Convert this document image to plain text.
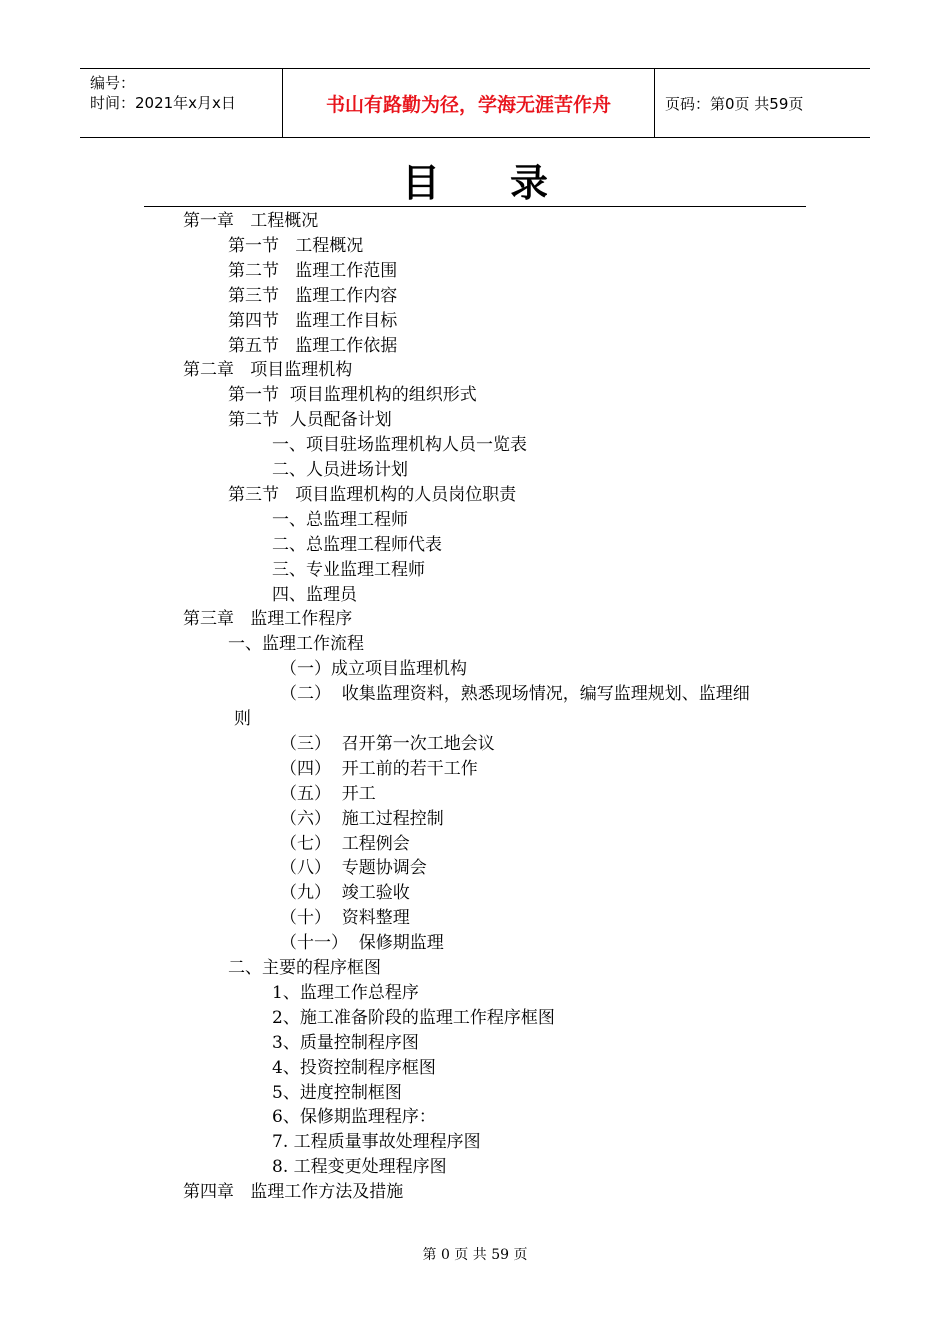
编号：
时间：2021年x月x日	书山有路勤为径，学海无涯苦作舟	页码：第0页 共59页
目录
第一章   工程概况
第一节   工程概况
第二节   监理工作范围
第三节   监理工作内容
第四节   监理工作目标
第五节   监理工作依据
第二章   项目监理机构
第一节  项目监理机构的组织形式
第二节  人员配备计划
一、项目驻场监理机构人员一览表
二、人员进场计划
第三节   项目监理机构的人员岗位职责
一、总监理工程师
二、总监理工程师代表
三、专业监理工程师
四、监理员
第三章   监理工作程序
一、监理工作流程
（一）成立项目监理机构
（二）  收集监理资料，熟悉现场情况，编写监理规划、监理细
则
（三）  召开第一次工地会议
（四）  开工前的若干工作
（五）  开工
（六）  施工过程控制
（七）  工程例会
（八）  专题协调会
（九）  竣工验收
（十）  资料整理
（十一）  保修期监理
二、主要的程序框图
1、监理工作总程序
2、施工准备阶段的监理工作程序框图
3、质量控制程序图
4、投资控制程序框图
5、进度控制框图
6、保修期监理程序：
7. 工程质量事故处理程序图
8. 工程变更处理程序图
第四章   监理工作方法及措施
第 0 页 共 59 页
